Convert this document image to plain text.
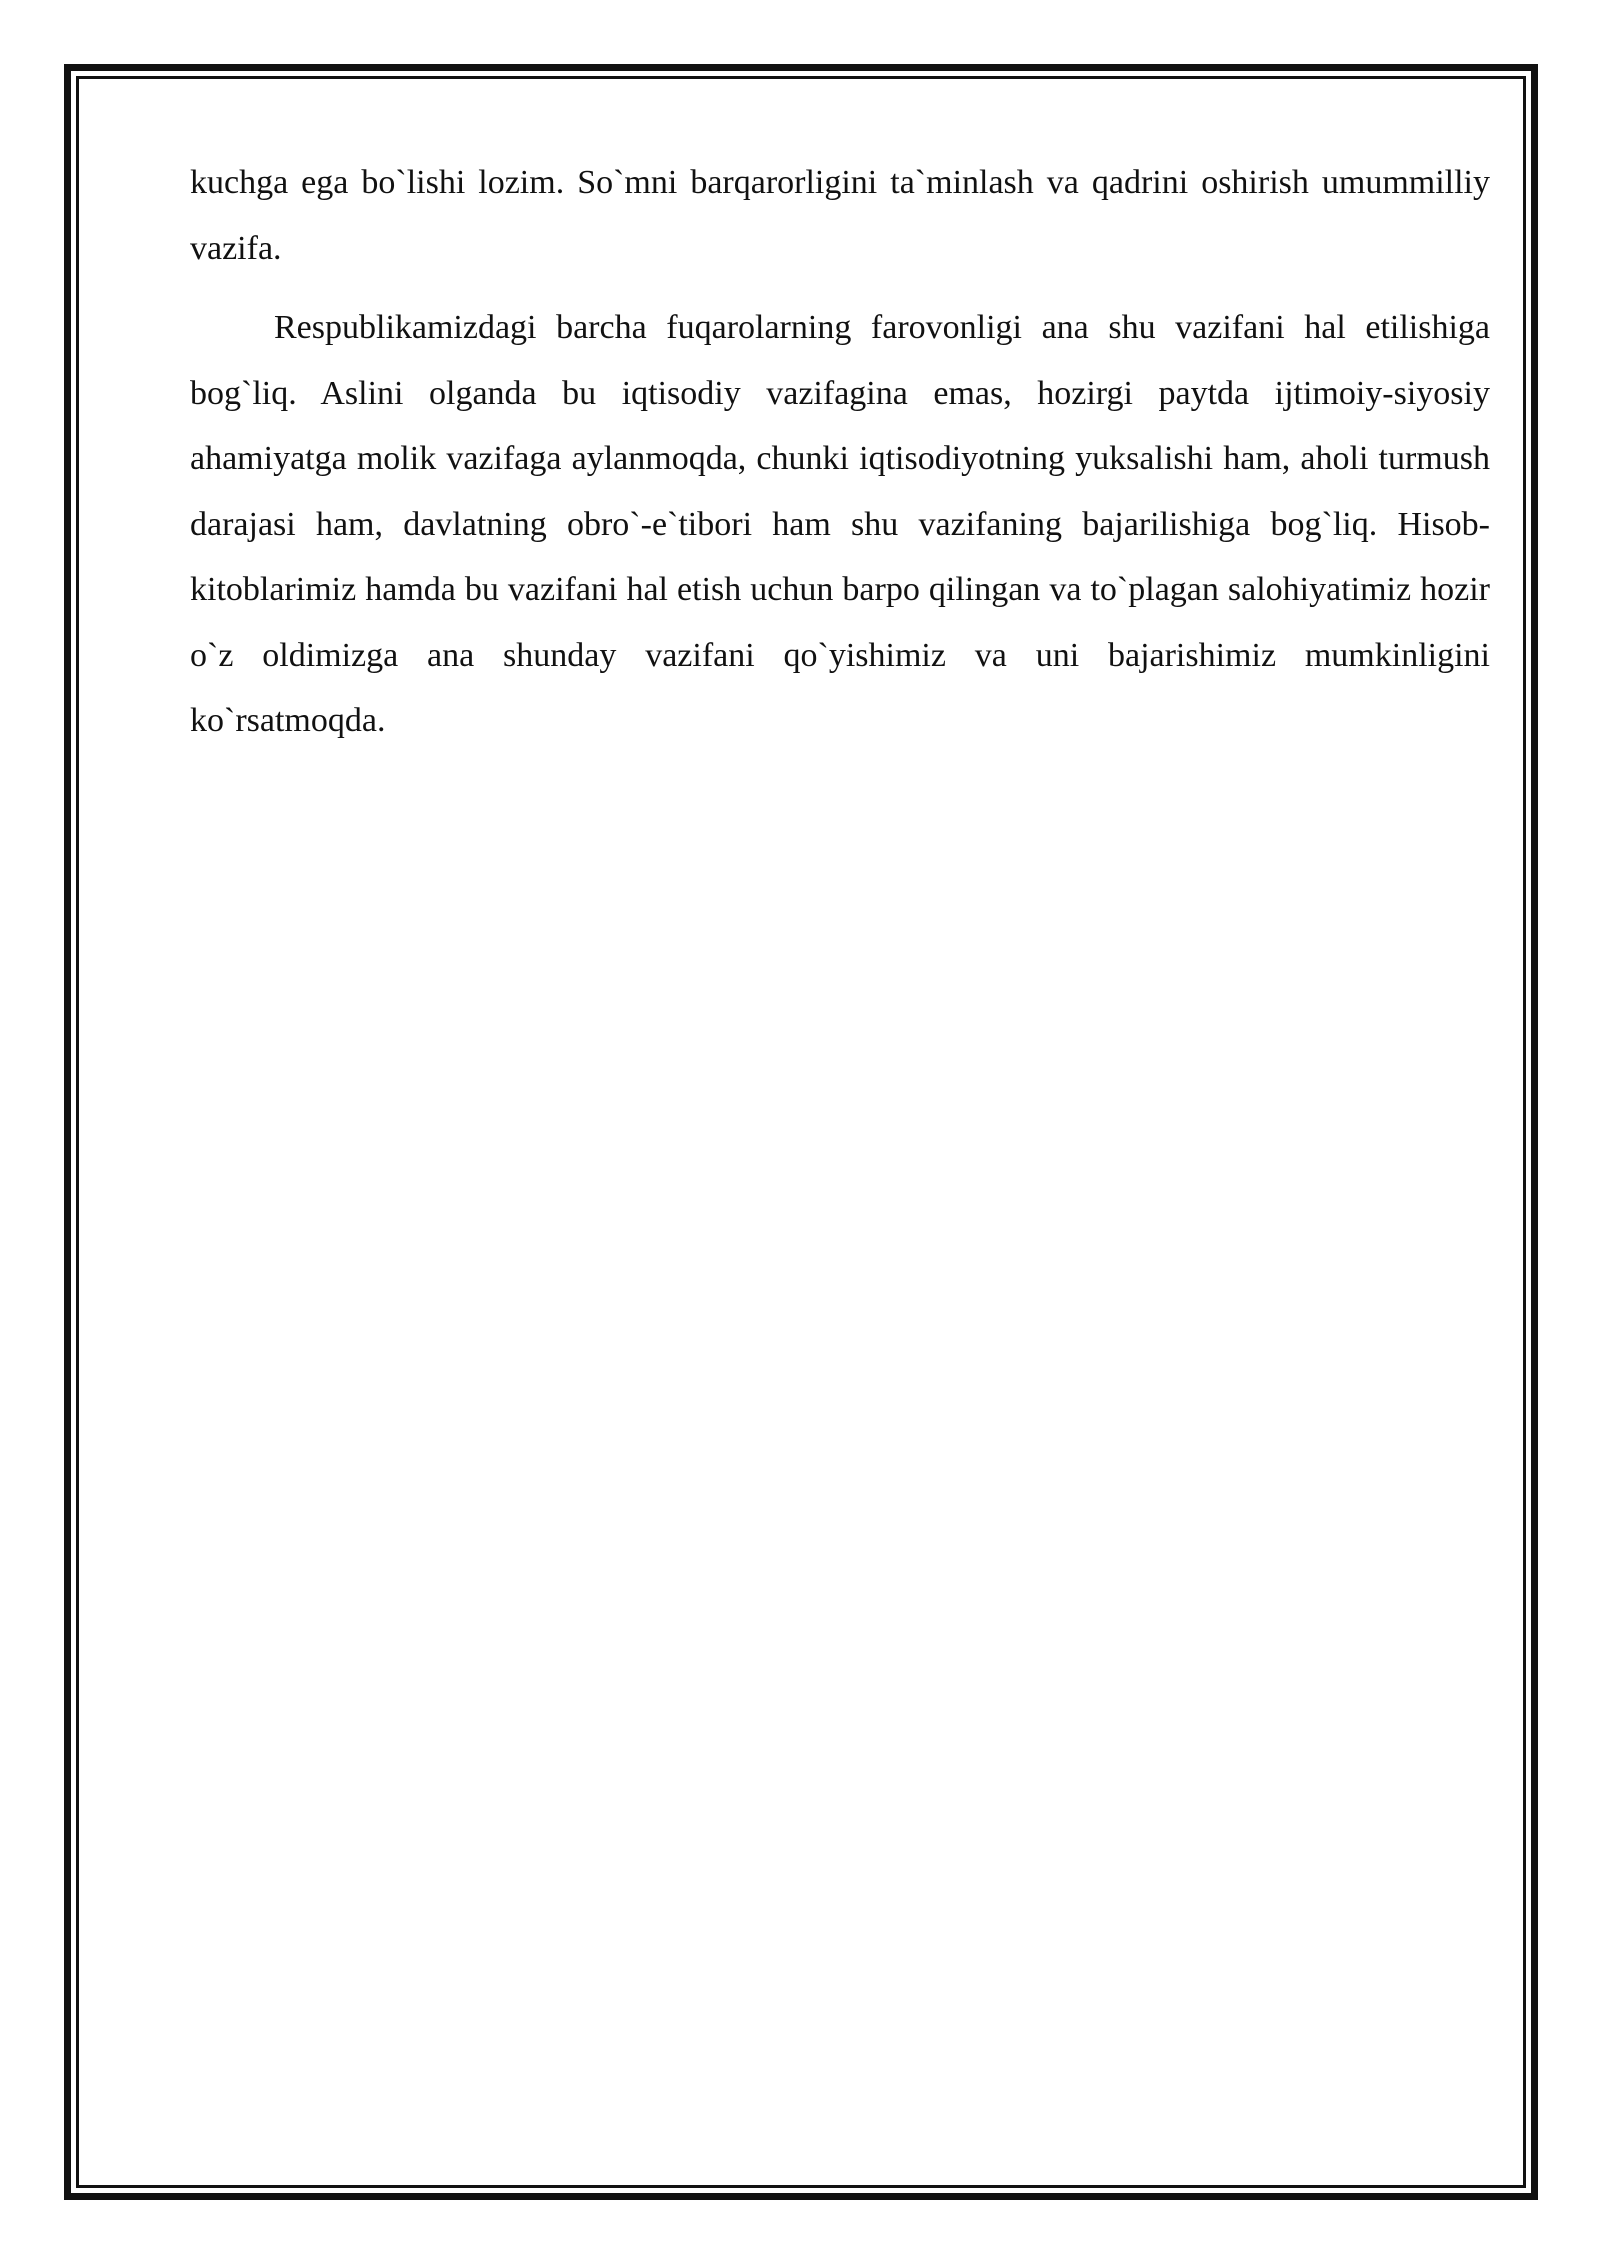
kuchga ega bo`lishi lozim. So`mni barqarorligini ta`minlash va qadrini oshirish umummilliy vazifa.

Respublikamizdagi barcha fuqarolarning farovonligi ana shu vazifani hal etilishiga bog`liq. Aslini olganda bu iqtisodiy vazifagina emas, hozirgi paytda ijtimoiy-siyosiy ahamiyatga molik vazifaga aylanmoqda, chunki iqtisodiyotning yuksalishi ham, aholi turmush darajasi ham, davlatning obro`-e`tibori ham shu vazifaning bajarilishiga bog`liq. Hisob-kitoblarimiz hamda bu vazifani hal etish uchun barpo qilingan va to`plagan salohiyatimiz hozir o`z oldimizga ana shunday vazifani qo`yishimiz va uni bajarishimiz mumkinligini ko`rsatmoqda.
